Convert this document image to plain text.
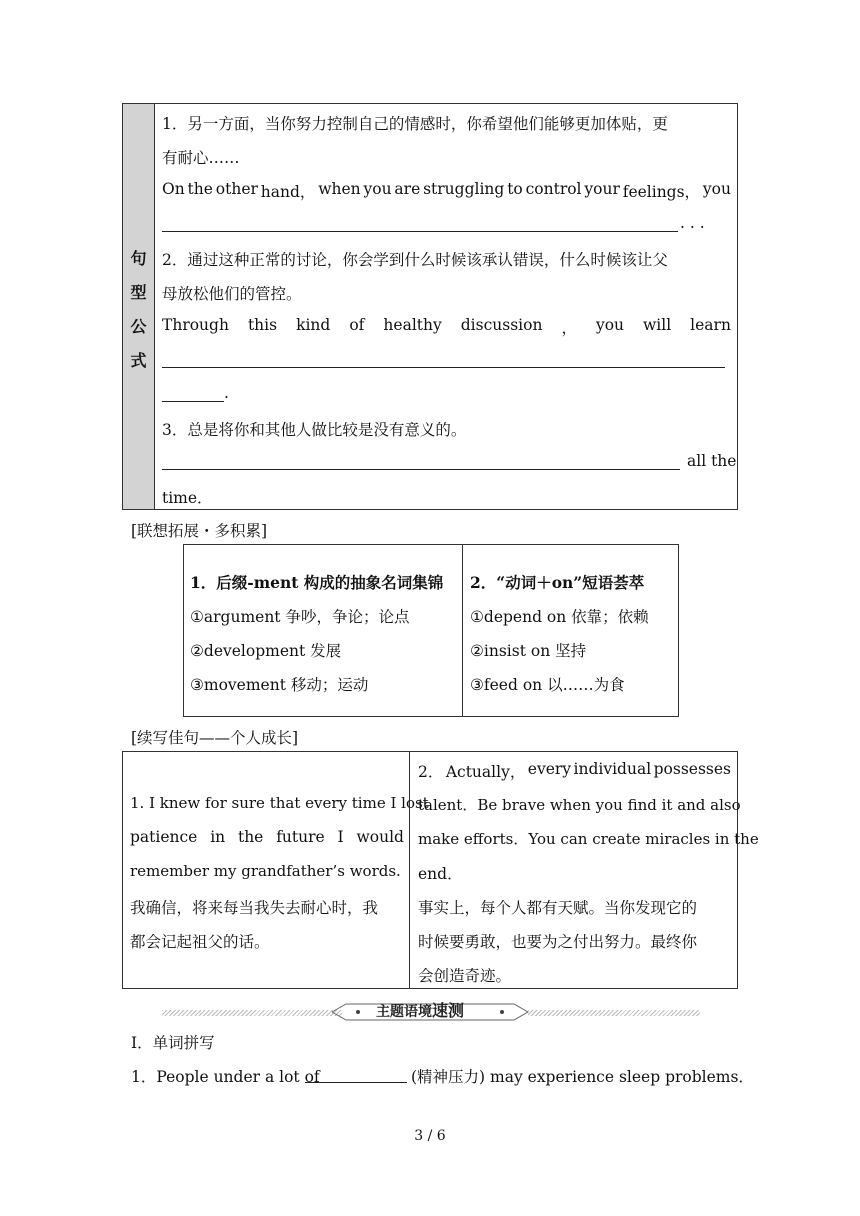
句
型
公
式
1．另一方面，当你努力控制自己的情感时，你希望他们能够更加体贴，更
有耐心……
On the other hand， when you are struggling to control your feelings， you
. . .
2．通过这种正常的讨论，你会学到什么时候该承认错误，什么时候该让父
母放松他们的管控。
Through this kind of healthy discussion ， you will learn
.
3．总是将你和其他人做比较是没有意义的。
all the
time．
[联想拓展・多积累]
1．后缀-ment 构成的抽象名词集锦
①argument 争吵，争论；论点
②development 发展
③movement 移动；运动
2．“动词＋on”短语荟萃
①depend on 依靠；依赖
②insist on 坚持
③feed on 以……为食
[续写佳句——个人成长]
1. I knew for sure that every time I lost
patience in the future I would
remember my grandfather’s words.
我确信，将来每当我失去耐心时，我
都会记起祖父的话。
2． Actually， every individual possesses
talent．Be brave when you find it and also
make efforts．You can create miracles in the
end．
事实上，每个人都有天赋。当你发现它的
时候要勇敢，也要为之付出努力。最终你
会创造奇迹。
主题语境速测
Ⅰ．单词拼写
1．People under a lot of	(精神压力) may experience sleep problems．
3 / 6
